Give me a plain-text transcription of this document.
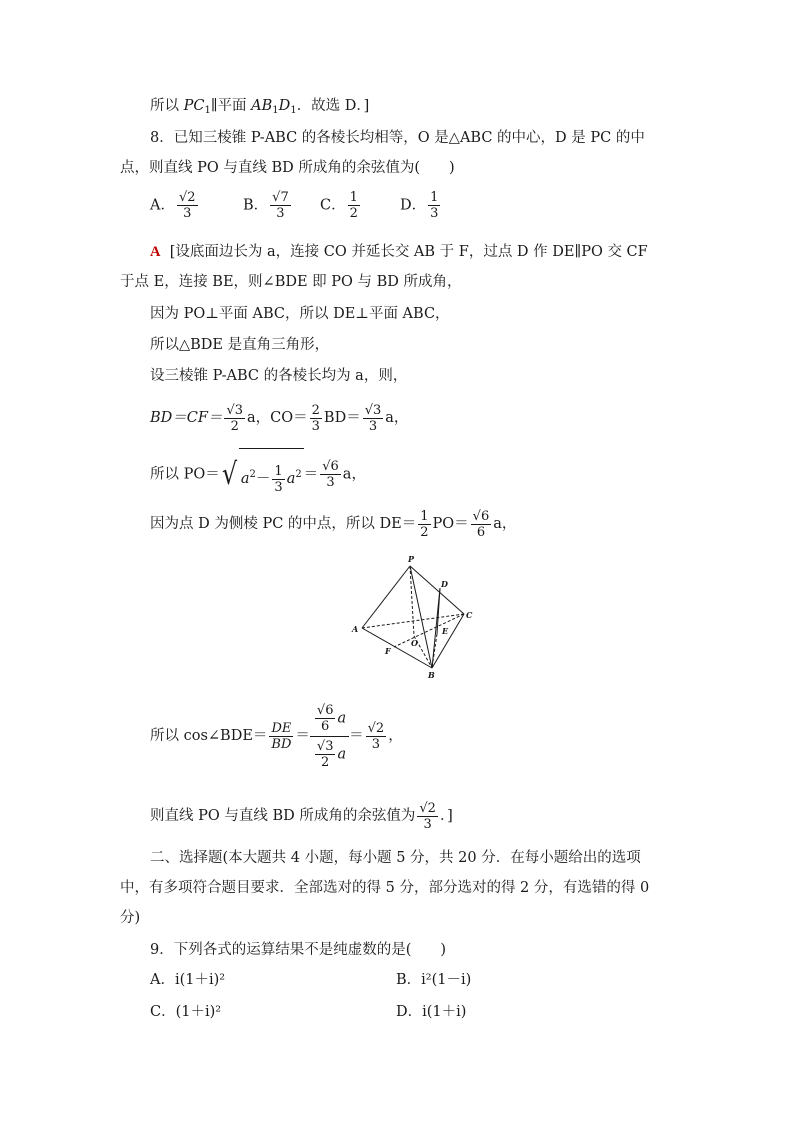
所以 $PC_1\parallel$平面 $AB_1D_1$．故选 D．]
8．已知三棱锥 P-ABC 的各棱长均相等，O 是△ABC 的中心，D 是 PC 的中
点，则直线 PO 与直线 BD 所成角的余弦值为(　　)
A． $\frac{√2}{3}$	B． $\frac{√7}{3}$ C． $\frac{1}{2}$	D． $\frac{1}{3}$
A [设底面边长为 a，连接 CO 并延长交 AB 于 F，过点 D 作 DE∥PO 交 CF
于点 E，连接 BE，则∠BDE 即 PO 与 BD 所成角，
因为 PO⊥平面 ABC，所以 DE⊥平面 ABC，
所以△BDE 是直角三角形，
设三棱锥 P-ABC 的各棱长均为 a，则，
$BD=CF= \frac{√3}{2}$ a，$CO= \frac{2}{3} BD= \frac{√3}{3}$ a，
所以 PO＝√ $a^2- \frac{1}{3} a^2 = \frac{√6}{3}$ a，
因为点 D 为侧棱 PC 的中点，所以 $DE= \frac{1}{2} PO= \frac{√6}{6}$ a，
P
D
C
A	E
O
F
B
所以 cos∠BDE＝ $\frac{DE}{BD} = \frac{\frac{√6}{6} a}{\frac{√3}{2} a} = \frac{√2}{3}$ ，
则直线 PO 与直线 BD 所成角的余弦值为 $\frac{√2}{3}$ ．]
二、选择题(本大题共 4 小题，每小题 5 分，共 20 分．在每小题给出的选项
中，有多项符合题目要求．全部选对的得 5 分，部分选对的得 2 分，有选错的得 0
分)
9．下列各式的运算结果不是纯虚数的是(　　)
A．i(1＋i)²	B．i²(1－i)
C．(1＋i)²	D．i(1＋i)
